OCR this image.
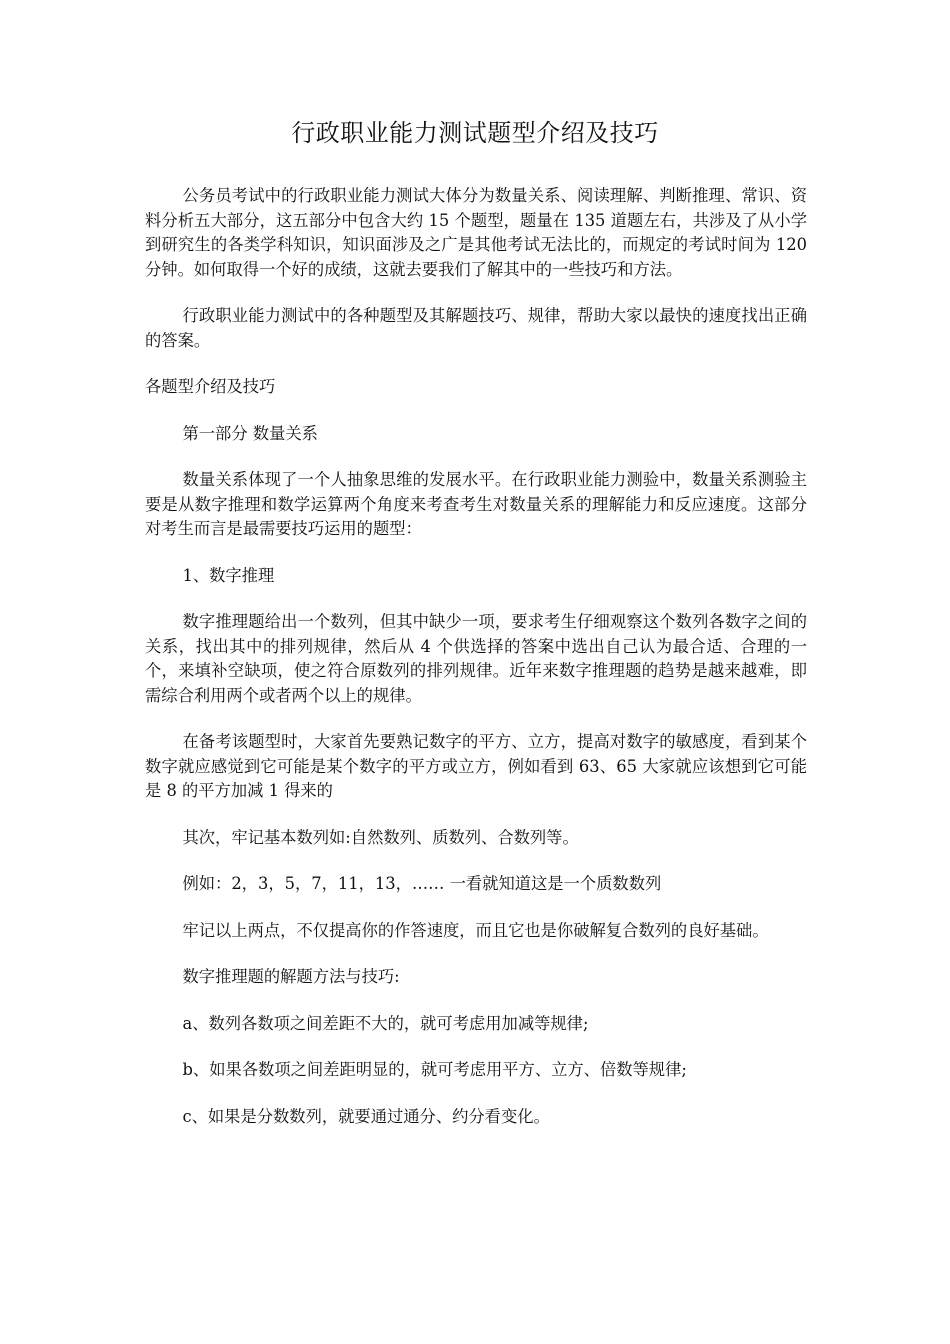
行政职业能力测试题型介绍及技巧

公务员考试中的行政职业能力测试大体分为数量关系、阅读理解、判断推理、常识、资料分析五大部分，这五部分中包含大约 15 个题型，题量在 135 道题左右，共涉及了从小学到研究生的各类学科知识，知识面涉及之广是其他考试无法比的，而规定的考试时间为 120 分钟。如何取得一个好的成绩，这就去要我们了解其中的一些技巧和方法。

行政职业能力测试中的各种题型及其解题技巧、规律，帮助大家以最快的速度找出正确的答案。

各题型介绍及技巧

第一部分 数量关系

数量关系体现了一个人抽象思维的发展水平。在行政职业能力测验中，数量关系测验主要是从数字推理和数学运算两个角度来考查考生对数量关系的理解能力和反应速度。这部分对考生而言是最需要技巧运用的题型：

1、数字推理

数字推理题给出一个数列，但其中缺少一项，要求考生仔细观察这个数列各数字之间的关系，找出其中的排列规律，然后从 4 个供选择的答案中选出自己认为最合适、合理的一个，来填补空缺项，使之符合原数列的排列规律。近年来数字推理题的趋势是越来越难，即需综合利用两个或者两个以上的规律。

在备考该题型时，大家首先要熟记数字的平方、立方，提高对数字的敏感度，看到某个数字就应感觉到它可能是某个数字的平方或立方，例如看到 63、65 大家就应该想到它可能是 8 的平方加减 1 得来的

其次，牢记基本数列如:自然数列、质数列、合数列等。

例如：2，3，5，7，11，13，…… 一看就知道这是一个质数数列

牢记以上两点，不仅提高你的作答速度，而且它也是你破解复合数列的良好基础。

数字推理题的解题方法与技巧:

a、数列各数项之间差距不大的，就可考虑用加减等规律;

b、如果各数项之间差距明显的，就可考虑用平方、立方、倍数等规律;

c、如果是分数数列，就要通过通分、约分看变化。
